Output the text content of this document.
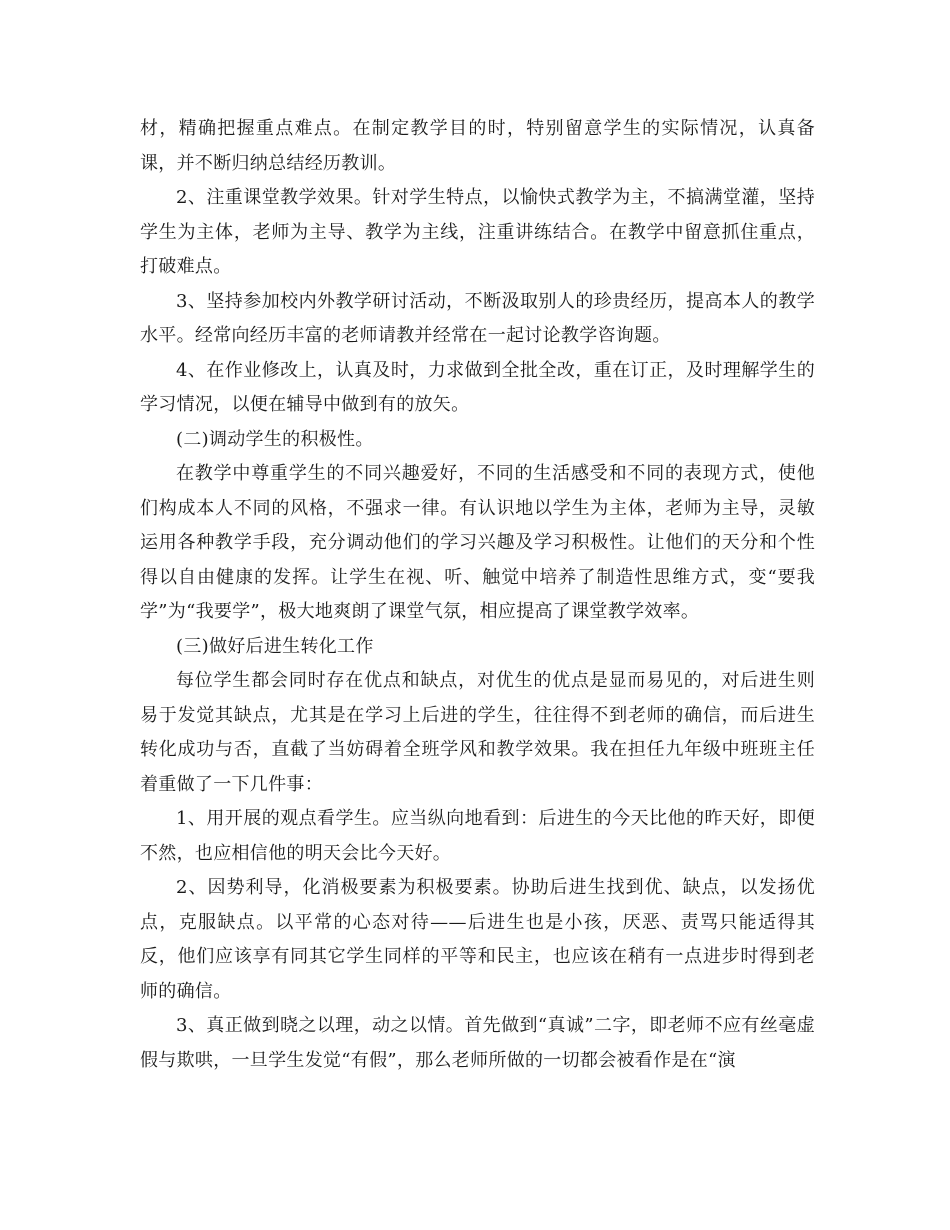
材，精确把握重点难点。在制定教学目的时，特别留意学生的实际情况，认真备课，并不断归纳总结经历教训。

2、注重课堂教学效果。针对学生特点，以愉快式教学为主，不搞满堂灌，坚持学生为主体，老师为主导、教学为主线，注重讲练结合。在教学中留意抓住重点，打破难点。

3、坚持参加校内外教学研讨活动，不断汲取别人的珍贵经历，提高本人的教学水平。经常向经历丰富的老师请教并经常在一起讨论教学咨询题。

4、在作业修改上，认真及时，力求做到全批全改，重在订正，及时理解学生的学习情况，以便在辅导中做到有的放矢。

(二)调动学生的积极性。

在教学中尊重学生的不同兴趣爱好，不同的生活感受和不同的表现方式，使他们构成本人不同的风格，不强求一律。有认识地以学生为主体，老师为主导，灵敏运用各种教学手段，充分调动他们的学习兴趣及学习积极性。让他们的天分和个性得以自由健康的发挥。让学生在视、听、触觉中培养了制造性思维方式，变“要我学”为“我要学”，极大地爽朗了课堂气氛，相应提高了课堂教学效率。

(三)做好后进生转化工作

每位学生都会同时存在优点和缺点，对优生的优点是显而易见的，对后进生则易于发觉其缺点，尤其是在学习上后进的学生，往往得不到老师的确信，而后进生转化成功与否，直截了当妨碍着全班学风和教学效果。我在担任九年级中班班主任着重做了一下几件事：

1、用开展的观点看学生。应当纵向地看到：后进生的今天比他的昨天好，即便不然，也应相信他的明天会比今天好。

2、因势利导，化消极要素为积极要素。协助后进生找到优、缺点，以发扬优点，克服缺点。以平常的心态对待——后进生也是小孩，厌恶、责骂只能适得其反，他们应该享有同其它学生同样的平等和民主，也应该在稍有一点进步时得到老师的确信。

3、真正做到晓之以理，动之以情。首先做到“真诚”二字，即老师不应有丝毫虚假与欺哄，一旦学生发觉“有假”，那么老师所做的一切都会被看作是在“演
